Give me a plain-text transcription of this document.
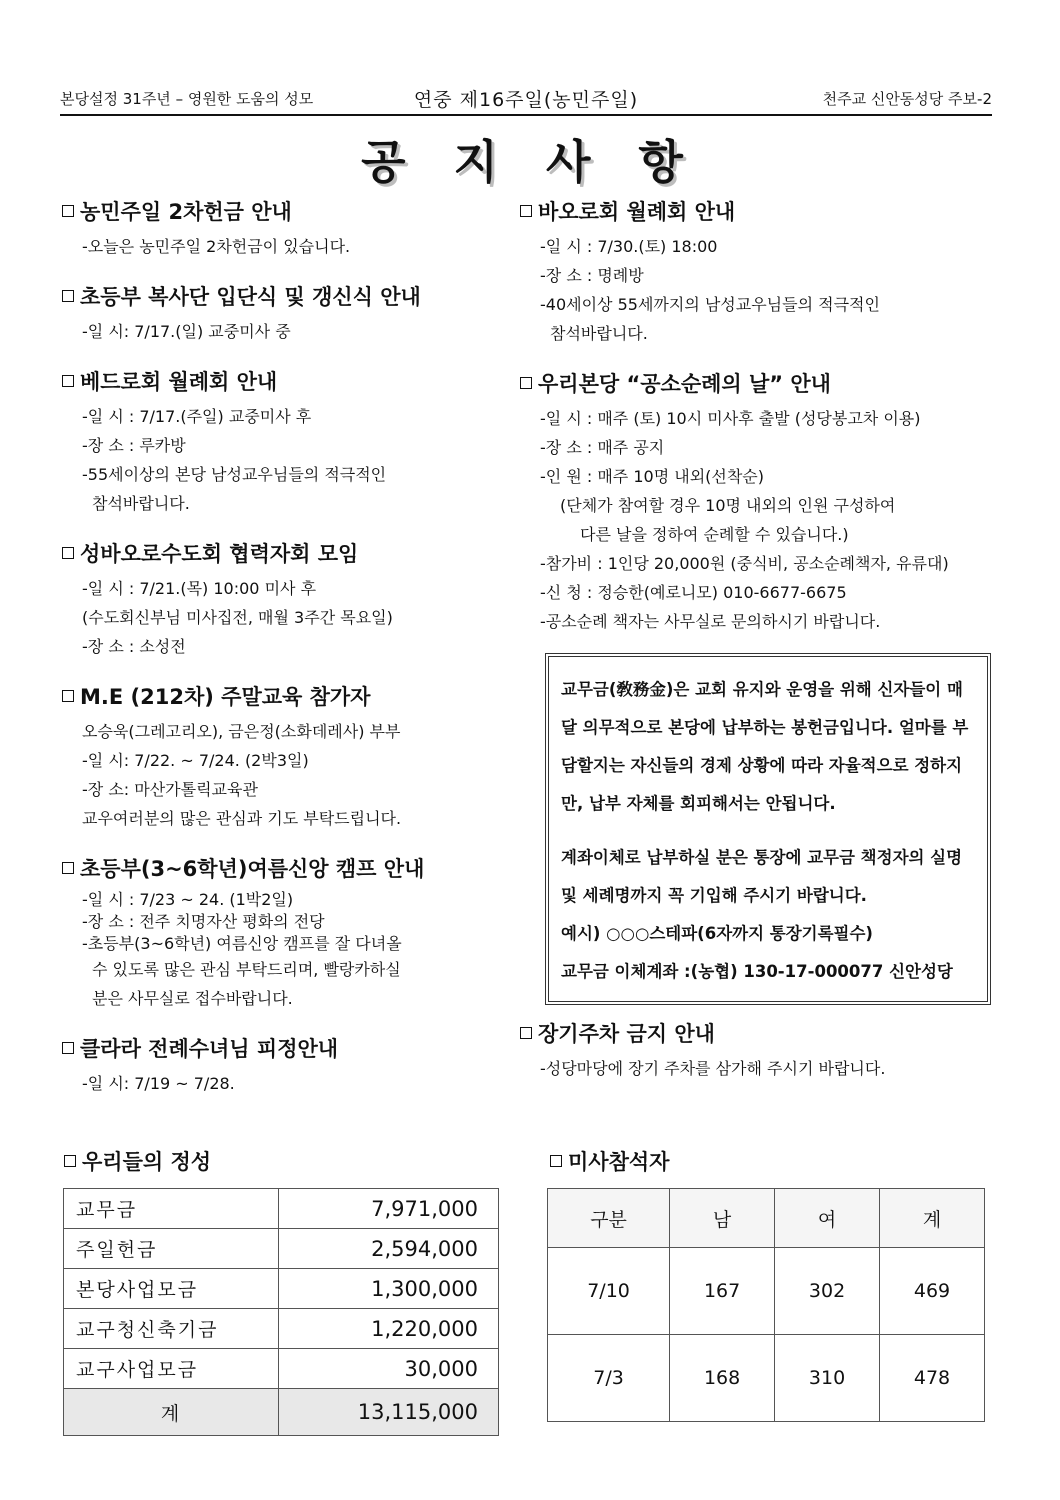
본당설정 31주년 – 영원한 도움의 성모	연중 제16주일(농민주일)	천주교 신안동성당 주보-2
공 지 사 항
농민주일 2차헌금 안내
-오늘은 농민주일 2차헌금이 있습니다.
초등부 복사단 입단식 및 갱신식 안내
-일 시: 7/17.(일) 교중미사 중
베드로회 월례회 안내
-일 시 : 7/17.(주일) 교중미사 후
-장 소 : 루카방
-55세이상의 본당 남성교우님들의 적극적인
참석바랍니다.
성바오로수도회 협력자회 모임
-일 시 : 7/21.(목) 10:00 미사 후
(수도회신부님 미사집전, 매월 3주간 목요일)
-장 소 : 소성전
M.E (212차) 주말교육 참가자
오승욱(그레고리오), 금은정(소화데레사) 부부
-일 시: 7/22. ~ 7/24. (2박3일)
-장 소: 마산가톨릭교육관
교우여러분의 많은 관심과 기도 부탁드립니다.
초등부(3~6학년)여름신앙 캠프 안내
-일 시 : 7/23 ~ 24. (1박2일)
-장 소 : 전주 치명자산 평화의 전당
-초등부(3~6학년) 여름신앙 캠프를 잘 다녀올
수 있도록 많은 관심 부탁드리며, 빨랑카하실
분은 사무실로 접수바랍니다.
클라라 전례수녀님 피정안내
-일 시: 7/19 ~ 7/28.
바오로회 월례회 안내
-일 시 : 7/30.(토) 18:00
-장 소 : 명례방
-40세이상 55세까지의 남성교우님들의 적극적인
참석바랍니다.
우리본당 “공소순례의 날” 안내
-일 시 : 매주 (토) 10시 미사후 출발 (성당봉고차 이용)
-장 소 : 매주 공지
-인 원 : 매주 10명 내외(선착순)
(단체가 참여할 경우 10명 내외의 인원 구성하여
다른 날을 정하여 순례할 수 있습니다.)
-참가비 : 1인당 20,000원 (중식비, 공소순례책자, 유류대)
-신 청 : 정승한(예로니모) 010-6677-6675
-공소순례 책자는 사무실로 문의하시기 바랍니다.
교무금(敎務金)은 교회 유지와 운영을 위해 신자들이 매달 의무적으로 본당에 납부하는 봉헌금입니다. 얼마를 부담할지는 자신들의 경제 상황에 따라 자율적으로 정하지만, 납부 자체를 회피해서는 안됩니다.
계좌이체로 납부하실 분은 통장에 교무금 책정자의 실명 및 세례명까지 꼭 기입해 주시기 바랍니다.
예시) ○○○스테파(6자까지 통장기록필수)
교무금 이체계좌 :(농협) 130-17-000077 신안성당
장기주차 금지 안내
-성당마당에 장기 주차를 삼가해 주시기 바랍니다.
우리들의 정성
교무금	7,971,000
주일헌금	2,594,000
본당사업모금	1,300,000
교구청신축기금	1,220,000
교구사업모금	30,000
계	13,115,000
미사참석자
구분	남	여	계
7/10	167	302	469
7/3	168	310	478
